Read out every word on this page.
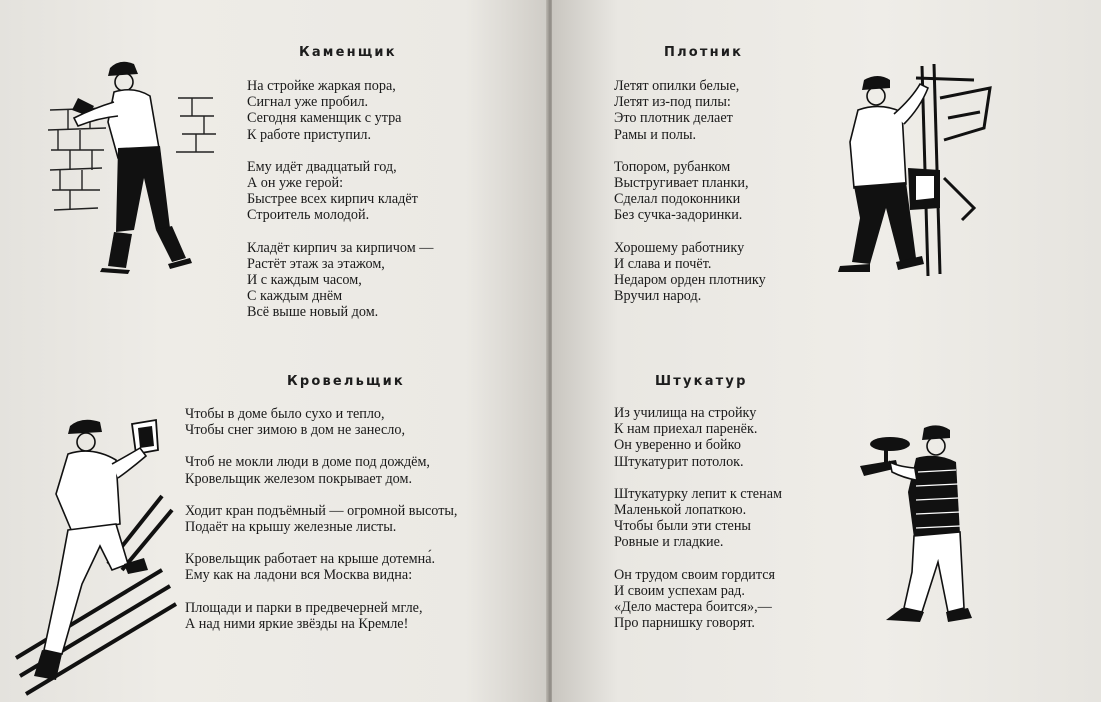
Каменщик
На стройке жаркая пора,
Сигнал уже пробил.
Сегодня каменщик с утра
К работе приступил.
Ему идёт двадцатый год,
А он уже герой:
Быстрее всех кирпич кладёт
Строитель молодой.
Кладёт кирпич за кирпичом —
Растёт этаж за этажом,
И с каждым часом,
С каждым днём
Всё выше новый дом.
Кровельщик
Чтобы в доме было сухо и тепло,
Чтобы снег зимою в дом не занесло,
Чтоб не мокли люди в доме под дождём,
Кровельщик железом покрывает дом.
Ходит кран подъёмный — огромной высоты,
Подаёт на крышу железные листы.
Кровельщик работает на крыше дотемна́.
Ему как на ладони вся Москва видна:
Площади и парки в предвечерней мгле,
А над ними яркие звёзды на Кремле!
Плотник
Летят опилки белые,
Летят из-под пилы:
Это плотник делает
Рамы и полы.
Топором, рубанком
Выстругивает планки,
Сделал подоконники
Без сучка-задоринки.
Хорошему работнику
И слава и почёт.
Недаром орден плотнику
Вручил народ.
Штукатур
Из училища на стройку
К нам приехал паренёк.
Он уверенно и бойко
Штукатурит потолок.
Штукатурку лепит к стенам
Маленькой лопаткою.
Чтобы были эти стены
Ровные и гладкие.
Он трудом своим гордится
И своим успехам рад.
«Дело мастера боится»,—
Про парнишку говорят.
